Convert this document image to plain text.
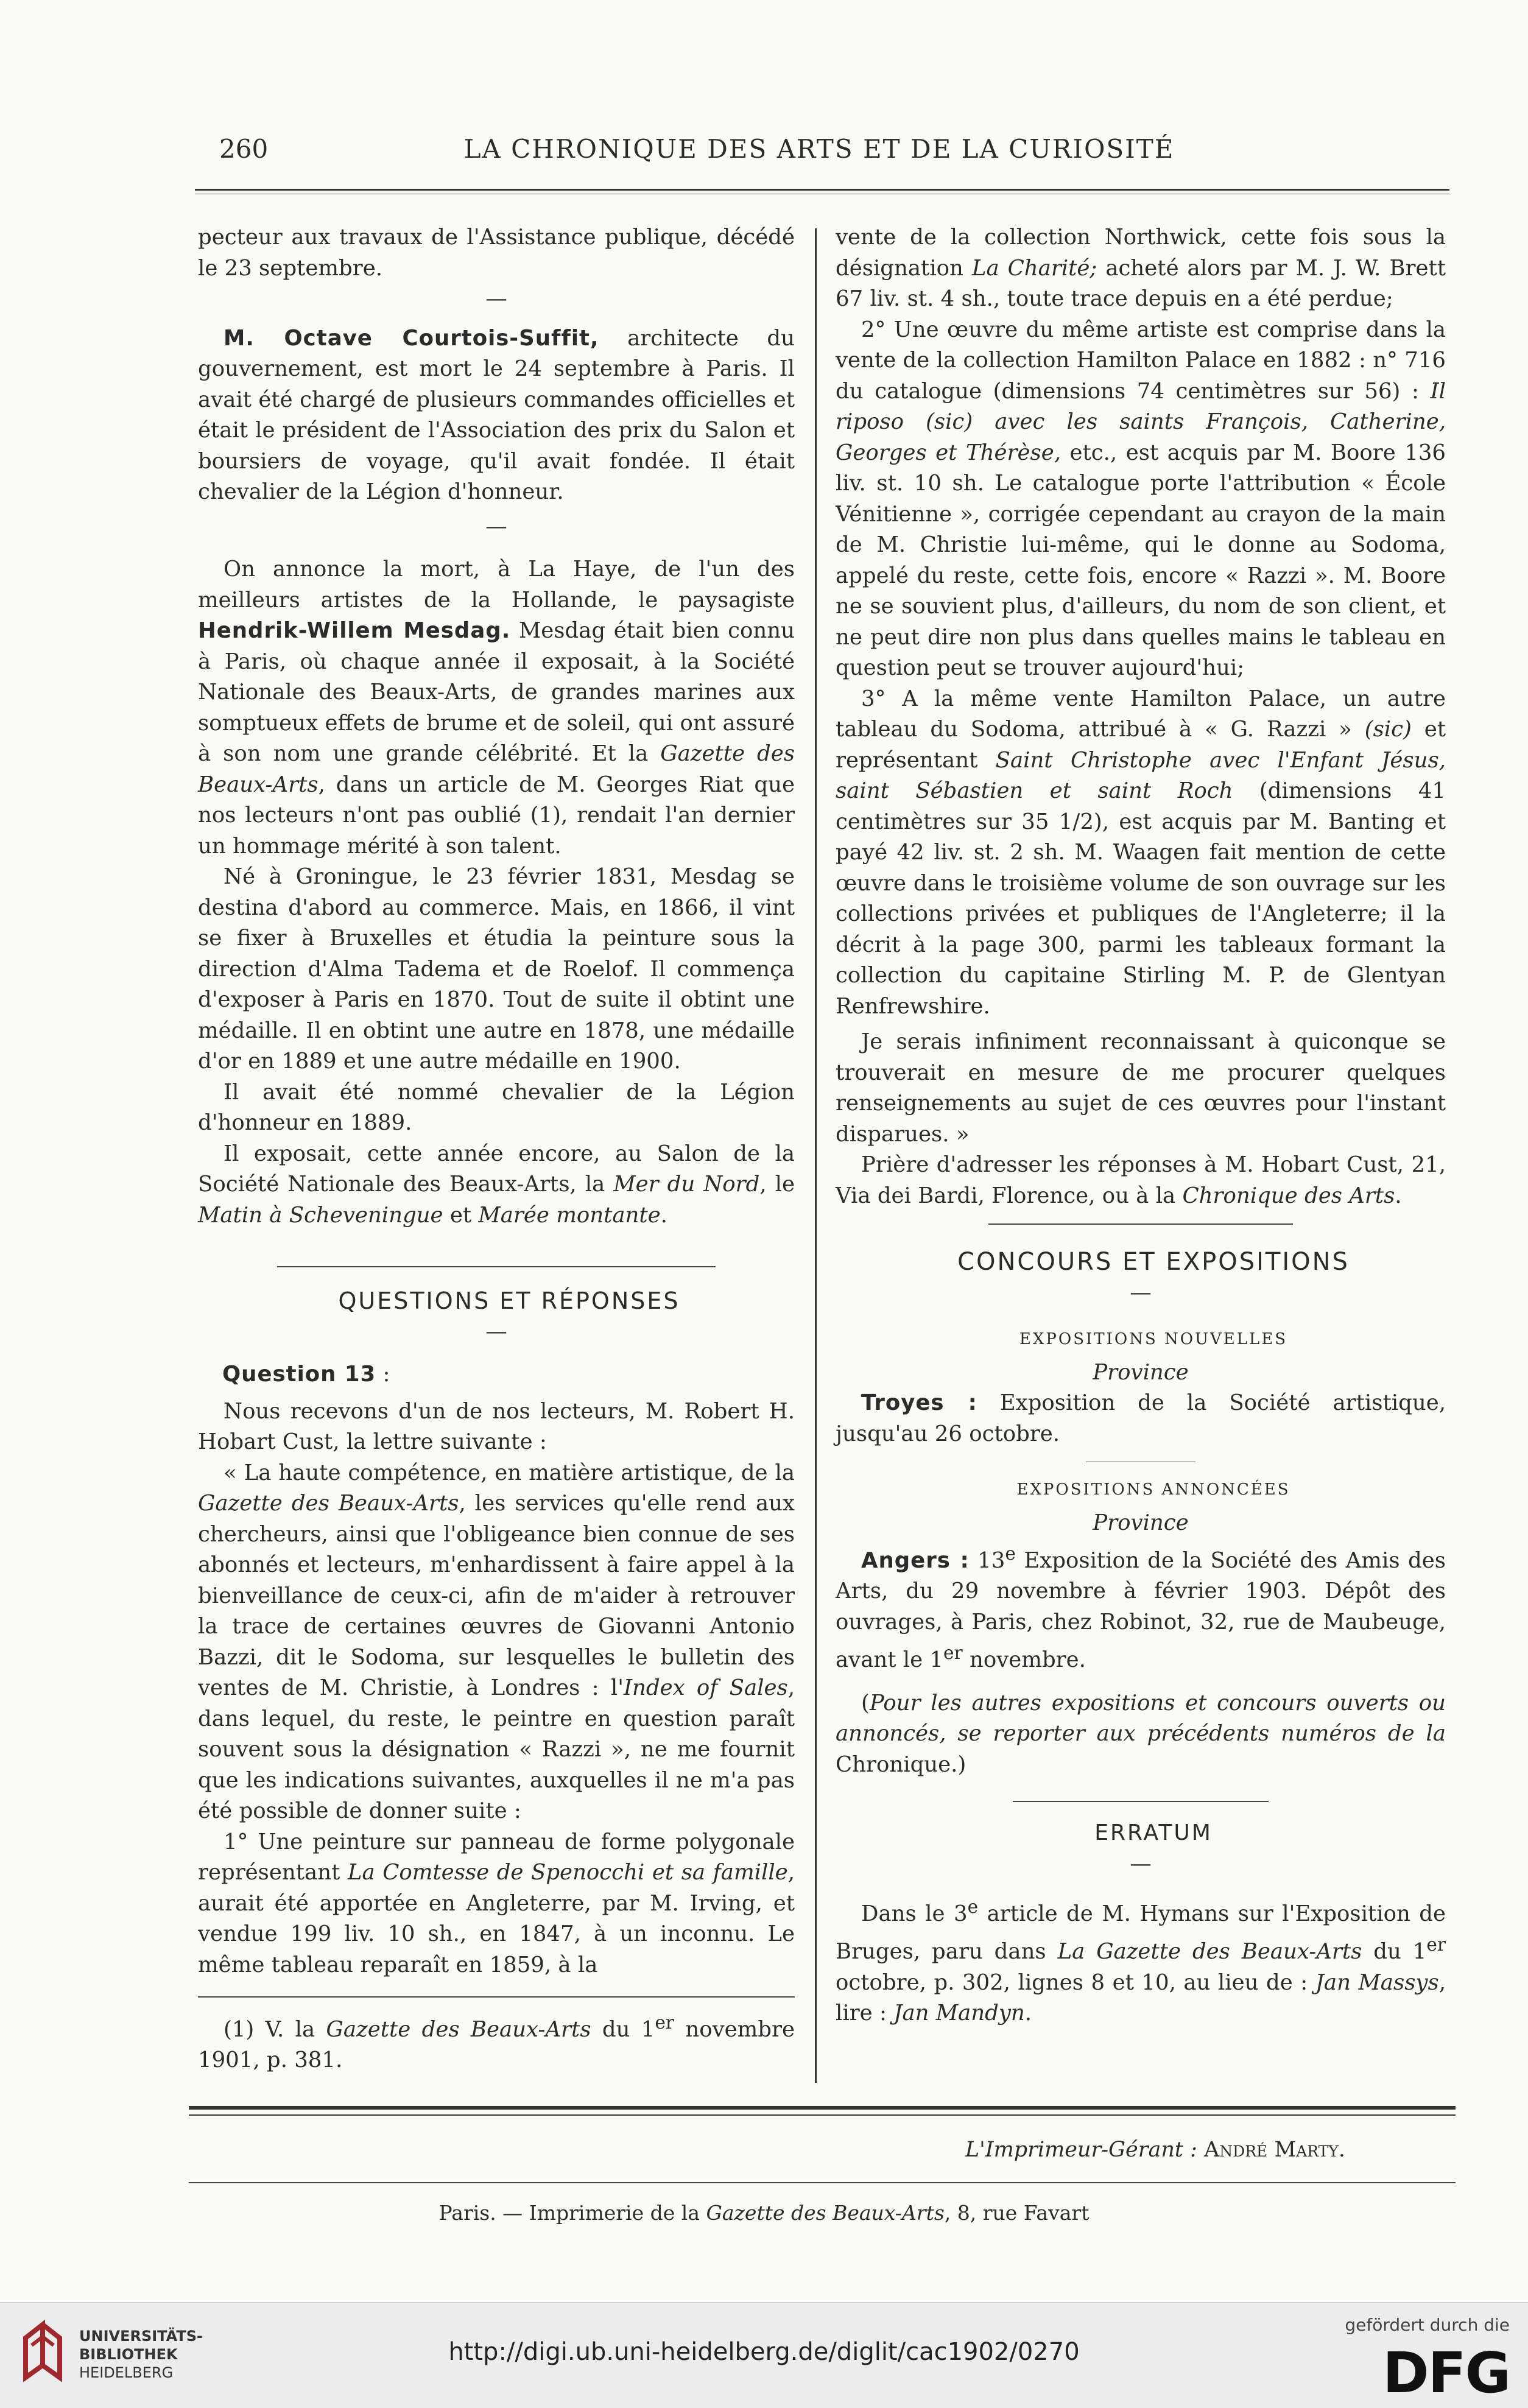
260	LA CHRONIQUE DES ARTS ET DE LA CURIOSITÉ

pecteur aux travaux de l'Assistance publique, décédé le 23 septembre.

—

M. Octave Courtois-Suffit, architecte du gouvernement, est mort le 24 septembre à Paris. Il avait été chargé de plusieurs commandes officielles et était le président de l'Association des prix du Salon et boursiers de voyage, qu'il avait fondée. Il était chevalier de la Légion d'honneur.

—

On annonce la mort, à La Haye, de l'un des meilleurs artistes de la Hollande, le paysagiste Hendrik-Willem Mesdag. Mesdag était bien connu à Paris, où chaque année il exposait, à la Société Nationale des Beaux-Arts, de grandes marines aux somptueux effets de brume et de soleil, qui ont assuré à son nom une grande célébrité. Et la Gazette des Beaux-Arts, dans un article de M. Georges Riat que nos lecteurs n'ont pas oublié (1), rendait l'an dernier un hommage mérité à son talent.

Né à Groningue, le 23 février 1831, Mesdag se destina d'abord au commerce. Mais, en 1866, il vint se fixer à Bruxelles et étudia la peinture sous la direction d'Alma Tadema et de Roelof. Il commença d'exposer à Paris en 1870. Tout de suite il obtint une médaille. Il en obtint une autre en 1878, une médaille d'or en 1889 et une autre médaille en 1900.

Il avait été nommé chevalier de la Légion d'honneur en 1889.

Il exposait, cette année encore, au Salon de la Société Nationale des Beaux-Arts, la Mer du Nord, le Matin à Scheveningue et Marée montante.

QUESTIONS ET RÉPONSES

—

Question 13 :

Nous recevons d'un de nos lecteurs, M. Robert H. Hobart Cust, la lettre suivante :

« La haute compétence, en matière artistique, de la Gazette des Beaux-Arts, les services qu'elle rend aux chercheurs, ainsi que l'obligeance bien connue de ses abonnés et lecteurs, m'enhardissent à faire appel à la bienveillance de ceux-ci, afin de m'aider à retrouver la trace de certaines œuvres de Giovanni Antonio Bazzi, dit le Sodoma, sur lesquelles le bulletin des ventes de M. Christie, à Londres : l'Index of Sales, dans lequel, du reste, le peintre en question paraît souvent sous la désignation « Razzi », ne me fournit que les indications suivantes, auxquelles il ne m'a pas été possible de donner suite :

1° Une peinture sur panneau de forme polygonale représentant La Comtesse de Spenocchi et sa famille, aurait été apportée en Angleterre, par M. Irving, et vendue 199 liv. 10 sh., en 1847, à un inconnu. Le même tableau reparaît en 1859, à la

(1) V. la Gazette des Beaux-Arts du 1er novembre 1901, p. 381.

vente de la collection Northwick, cette fois sous la désignation La Charité; acheté alors par M. J. W. Brett 67 liv. st. 4 sh., toute trace depuis en a été perdue;

2° Une œuvre du même artiste est comprise dans la vente de la collection Hamilton Palace en 1882 : n° 716 du catalogue (dimensions 74 centimètres sur 56) : Il riposo (sic) avec les saints François, Catherine, Georges et Thérèse, etc., est acquis par M. Boore 136 liv. st. 10 sh. Le catalogue porte l'attribution « École Vénitienne », corrigée cependant au crayon de la main de M. Christie lui-même, qui le donne au Sodoma, appelé du reste, cette fois, encore « Razzi ». M. Boore ne se souvient plus, d'ailleurs, du nom de son client, et ne peut dire non plus dans quelles mains le tableau en question peut se trouver aujourd'hui;

3° A la même vente Hamilton Palace, un autre tableau du Sodoma, attribué à « G. Razzi » (sic) et représentant Saint Christophe avec l'Enfant Jésus, saint Sébastien et saint Roch (dimensions 41 centimètres sur 35 1/2), est acquis par M. Banting et payé 42 liv. st. 2 sh. M. Waagen fait mention de cette œuvre dans le troisième volume de son ouvrage sur les collections privées et publiques de l'Angleterre; il la décrit à la page 300, parmi les tableaux formant la collection du capitaine Stirling M. P. de Glentyan Renfrewshire.

Je serais infiniment reconnaissant à quiconque se trouverait en mesure de me procurer quelques renseignements au sujet de ces œuvres pour l'instant disparues. »

Prière d'adresser les réponses à M. Hobart Cust, 21, Via dei Bardi, Florence, ou à la Chronique des Arts.

CONCOURS ET EXPOSITIONS

—

EXPOSITIONS NOUVELLES

Province

Troyes : Exposition de la Société artistique, jusqu'au 26 octobre.

EXPOSITIONS ANNONCÉES

Province

Angers : 13e Exposition de la Société des Amis des Arts, du 29 novembre à février 1903. Dépôt des ouvrages, à Paris, chez Robinot, 32, rue de Maubeuge, avant le 1er novembre.

(Pour les autres expositions et concours ouverts ou annoncés, se reporter aux précédents numéros de la Chronique.)

ERRATUM

—

Dans le 3e article de M. Hymans sur l'Exposition de Bruges, paru dans La Gazette des Beaux-Arts du 1er octobre, p. 302, lignes 8 et 10, au lieu de : Jan Massys, lire : Jan Mandyn.

L'Imprimeur-Gérant : André Marty.
Paris. — Imprimerie de la Gazette des Beaux-Arts, 8, rue Favart
UNIVERSITÄTS-
BIBLIOTHEK
HEIDELBERG
http://digi.ub.uni-heidelberg.de/diglit/cac1902/0270
gefördert durch die
DFG
